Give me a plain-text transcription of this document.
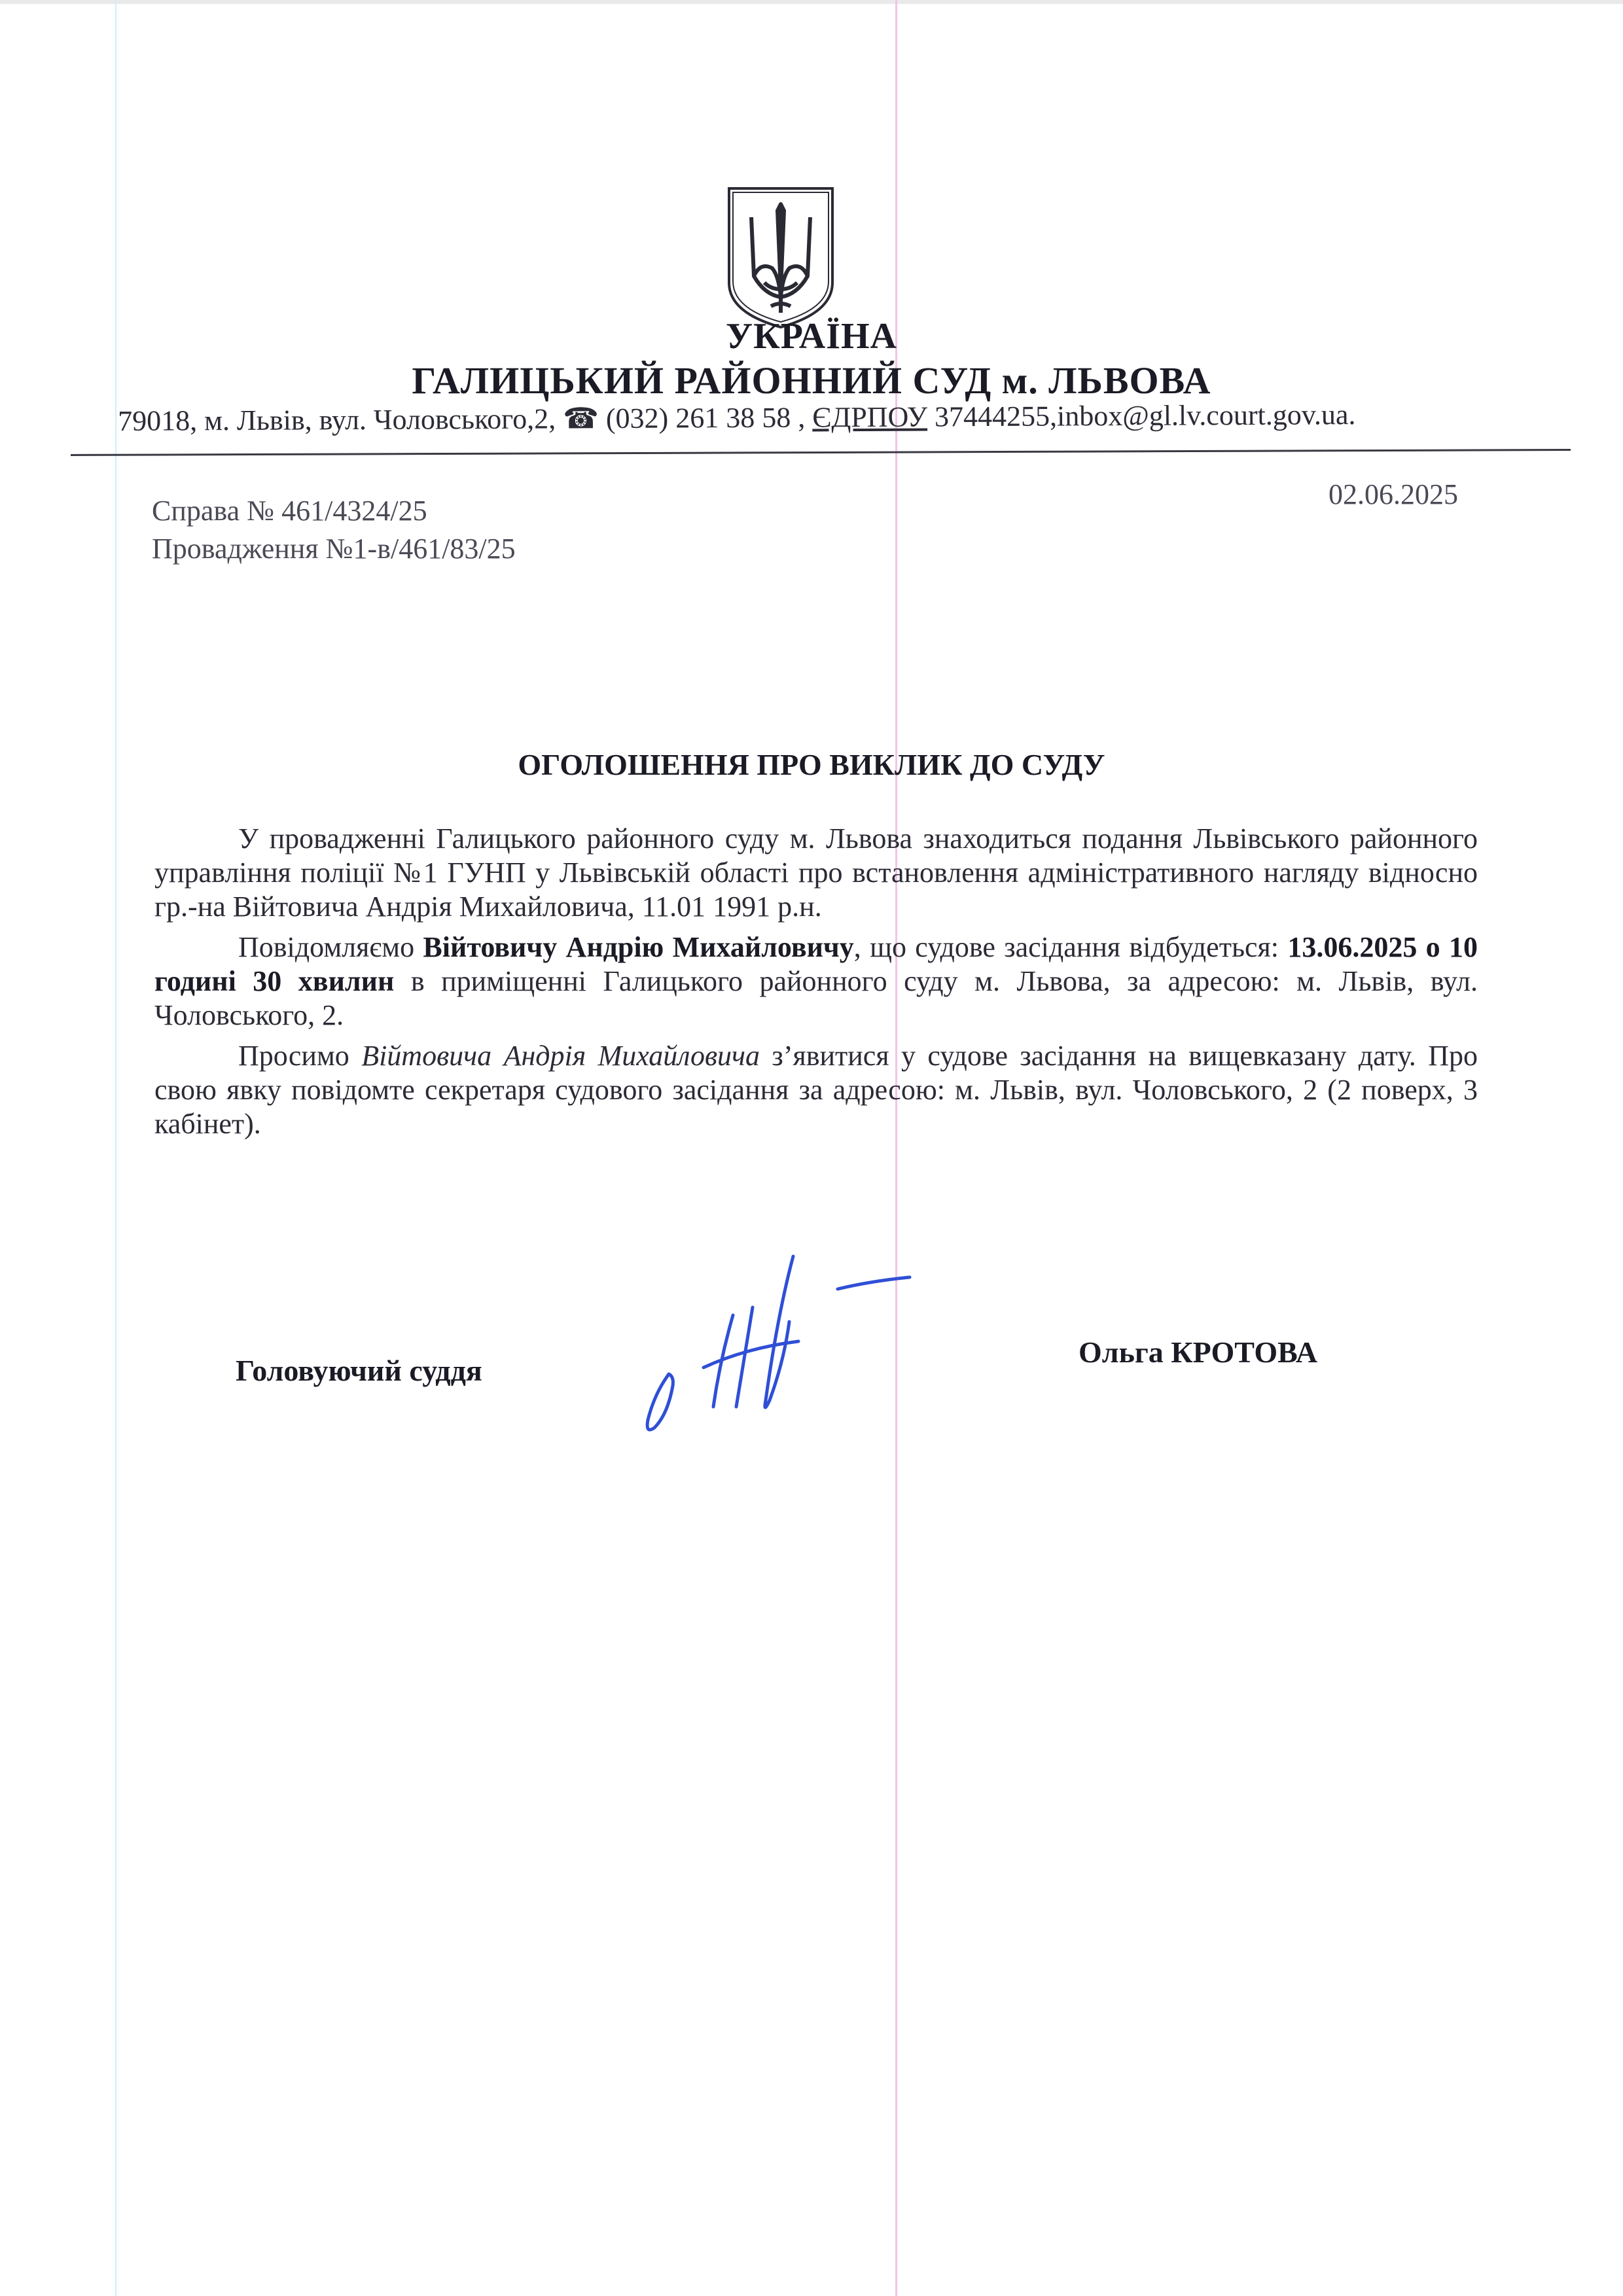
УКРАЇНА
ГАЛИЦЬКИЙ РАЙОННИЙ СУД м. ЛЬВОВА
79018, м. Львів, вул. Чоловського,2, ☎ (032) 261 38 58 , ЄДРПОУ 37444255,inbox@gl.lv.court.gov.ua.
Справа № 461/4324/25
Провадження №1-в/461/83/25
02.06.2025
ОГОЛОШЕННЯ ПРО ВИКЛИК ДО СУДУ

У провадженні Галицького районного суду м. Львова знаходиться подання Львівського районного управління поліції №1 ГУНП у Львівській області про встановлення адміністративного нагляду відносно гр.-на Війтовича Андрія Михайловича, 11.01 1991 р.н.

Повідомляємо Війтовичу Андрію Михайловичу, що судове засідання відбудеться: 13.06.2025 о 10 годині 30 хвилин в приміщенні Галицького районного суду м. Львова, за адресою: м. Львів, вул. Чоловського, 2.

Просимо Війтовича Андрія Михайловича з’явитися у судове засідання на вищевказану дату. Про свою явку повідомте секретаря судового засідання за адресою: м. Львів, вул. Чоловського, 2 (2 поверх, 3 кабінет).

Головуючий суддя
Ольга КРОТОВА
